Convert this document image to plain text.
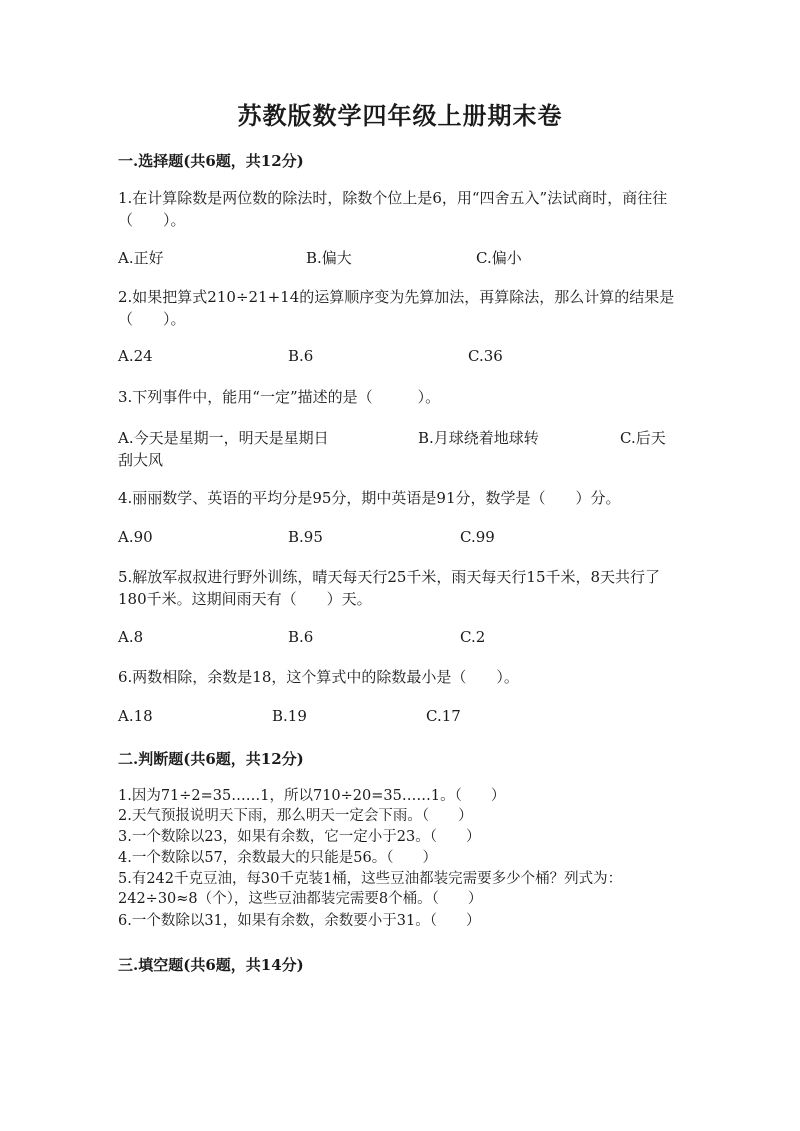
苏教版数学四年级上册期末卷
一.选择题(共6题，共12分)
1.在计算除数是两位数的除法时，除数个位上是6，用“四舍五入”法试商时，商往往（　　）。
A.正好	B.偏大	C.偏小
2.如果把算式210÷21+14的运算顺序变为先算加法，再算除法，那么计算的结果是（　　）。
A.24	B.6	C.36
3.下列事件中，能用“一定”描述的是（　　　）。
A.今天是星期一，明天是星期日	B.月球绕着地球转	C.后天
刮大风
4.丽丽数学、英语的平均分是95分，期中英语是91分，数学是（　　）分。
A.90	B.95	C.99
5.解放军叔叔进行野外训练，晴天每天行25千米，雨天每天行15千米，8天共行了180千米。这期间雨天有（　　）天。
A.8	B.6	C.2
6.两数相除，余数是18，这个算式中的除数最小是（　　）。
A.18	B.19	C.17
二.判断题(共6题，共12分)
1.因为71÷2=35……1，所以710÷20=35……1。（　　）
2.天气预报说明天下雨，那么明天一定会下雨。（　　）
3.一个数除以23，如果有余数，它一定小于23。（　　）
4.一个数除以57，余数最大的只能是56。（　　）
5.有242千克豆油，每30千克装1桶，这些豆油都装完需要多少个桶？列式为：242÷30≈8（个），这些豆油都装完需要8个桶。（　　）
6.一个数除以31，如果有余数，余数要小于31。（　　）
三.填空题(共6题，共14分)
